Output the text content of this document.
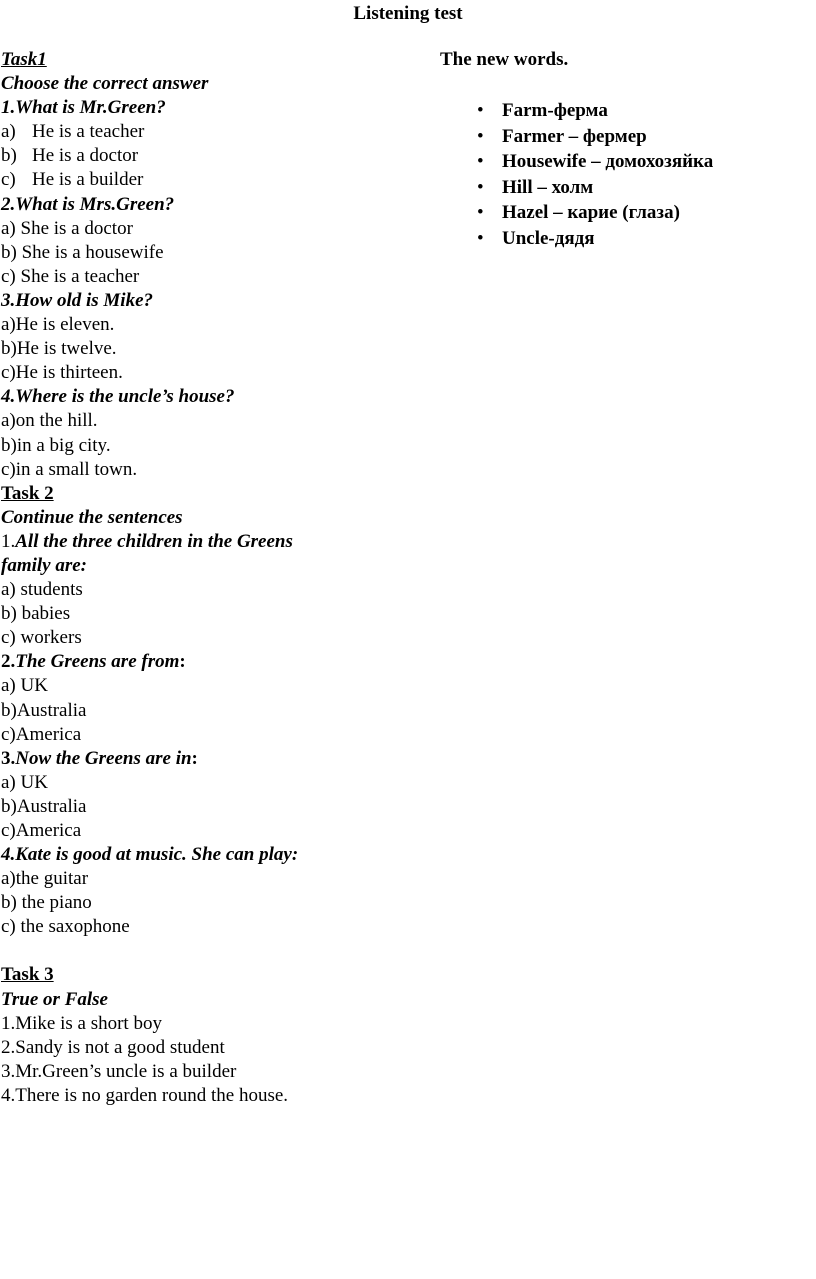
Listening test
Task1
Choose the correct answer
1.What is Mr.Green?
a) He is a teacher
b) He is a doctor
c) He is a builder
2.What is Mrs.Green?
a) She is a doctor
b) She is a housewife
c) She is a teacher
3.How old is Mike?
a)He is eleven.
b)He is twelve.
c)He is thirteen.
4.Where is the uncle’s house?
a)on the hill.
b)in a big city.
c)in a small town.
Task 2
Continue the sentences
1.All the three children in the Greens
family are:
a) students
b) babies
c) workers
2.The Greens are from:
a) UK
b)Australia
c)America
3.Now the Greens are in:
a) UK
b)Australia
c)America
4.Kate is good at music. She can play:
a)the guitar
b) the piano
c) the saxophone
Task 3
True or False
1.Mike is a short boy
2.Sandy is not a good student
3.Mr.Green’s uncle is a builder
4.There is no garden round the house.
The new words.
• Farm-ферма
• Farmer – фермер
• Housewife – домохозяйка
• Hill – холм
• Hazel – карие (глаза)
• Uncle-дядя
